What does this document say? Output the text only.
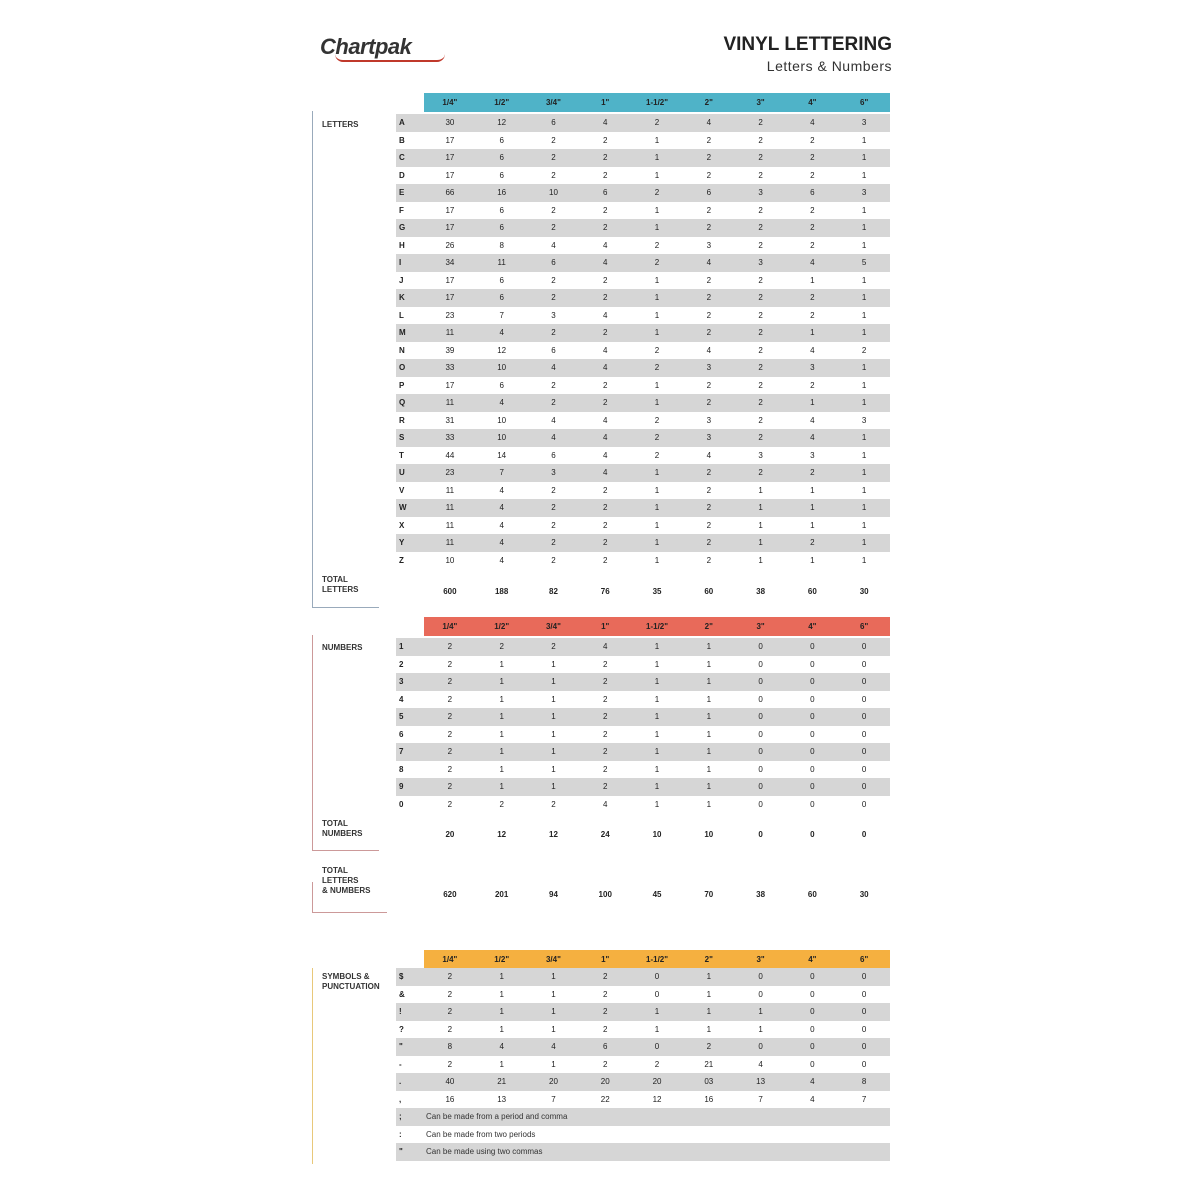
Chartpak	VINYL LETTERING
Letters & Numbers
LETTERS
1/4"	1/2"	3/4"	1"	1-1/2"	2"	3"	4"	6"
A	30	12	6	4	2	4	2	4	3
B	17	6	2	2	1	2	2	2	1
C	17	6	2	2	1	2	2	2	1
D	17	6	2	2	1	2	2	2	1
E	66	16	10	6	2	6	3	6	3
F	17	6	2	2	1	2	2	2	1
G	17	6	2	2	1	2	2	2	1
H	26	8	4	4	2	3	2	2	1
I	34	11	6	4	2	4	3	4	5
J	17	6	2	2	1	2	2	1	1
K	17	6	2	2	1	2	2	2	1
L	23	7	3	4	1	2	2	2	1
M	11	4	2	2	1	2	2	1	1
N	39	12	6	4	2	4	2	4	2
O	33	10	4	4	2	3	2	3	1
P	17	6	2	2	1	2	2	2	1
Q	11	4	2	2	1	2	2	1	1
R	31	10	4	4	2	3	2	4	3
S	33	10	4	4	2	3	2	4	1
T	44	14	6	4	2	4	3	3	1
U	23	7	3	4	1	2	2	2	1
V	11	4	2	2	1	2	1	1	1
W	11	4	2	2	1	2	1	1	1
X	11	4	2	2	1	2	1	1	1
Y	11	4	2	2	1	2	1	2	1
Z	10	4	2	2	1	2	1	1	1
TOTAL
LETTERS	600	188	82	76	35	60	38	60	30
NUMBERS
1/4"	1/2"	3/4"	1"	1-1/2"	2"	3"	4"	6"
1	2	2	2	4	1	1	0	0	0
2	2	1	1	2	1	1	0	0	0
3	2	1	1	2	1	1	0	0	0
4	2	1	1	2	1	1	0	0	0
5	2	1	1	2	1	1	0	0	0
6	2	1	1	2	1	1	0	0	0
7	2	1	1	2	1	1	0	0	0
8	2	1	1	2	1	1	0	0	0
9	2	1	1	2	1	1	0	0	0
0	2	2	2	4	1	1	0	0	0
TOTAL
NUMBERS	20	12	12	24	10	10	0	0	0
TOTAL
LETTERS
& NUMBERS	620	201	94	100	45	70	38	60	30
SYMBOLS &
PUNCTUATION
1/4"	1/2"	3/4"	1"	1-1/2"	2"	3"	4"	6"
$	2	1	1	2	0	1	0	0	0
&	2	1	1	2	0	1	0	0	0
!	2	1	1	2	1	1	1	0	0
?	2	1	1	2	1	1	1	0	0
"	8	4	4	6	0	2	0	0	0
-	2	1	1	2	2	21	4	0	0
.	40	21	20	20	20	03	13	4	8
,	16	13	7	22	12	16	7	4	7
;	Can be made from a period and comma
:	Can be made from two periods
"	Can be made using two commas
